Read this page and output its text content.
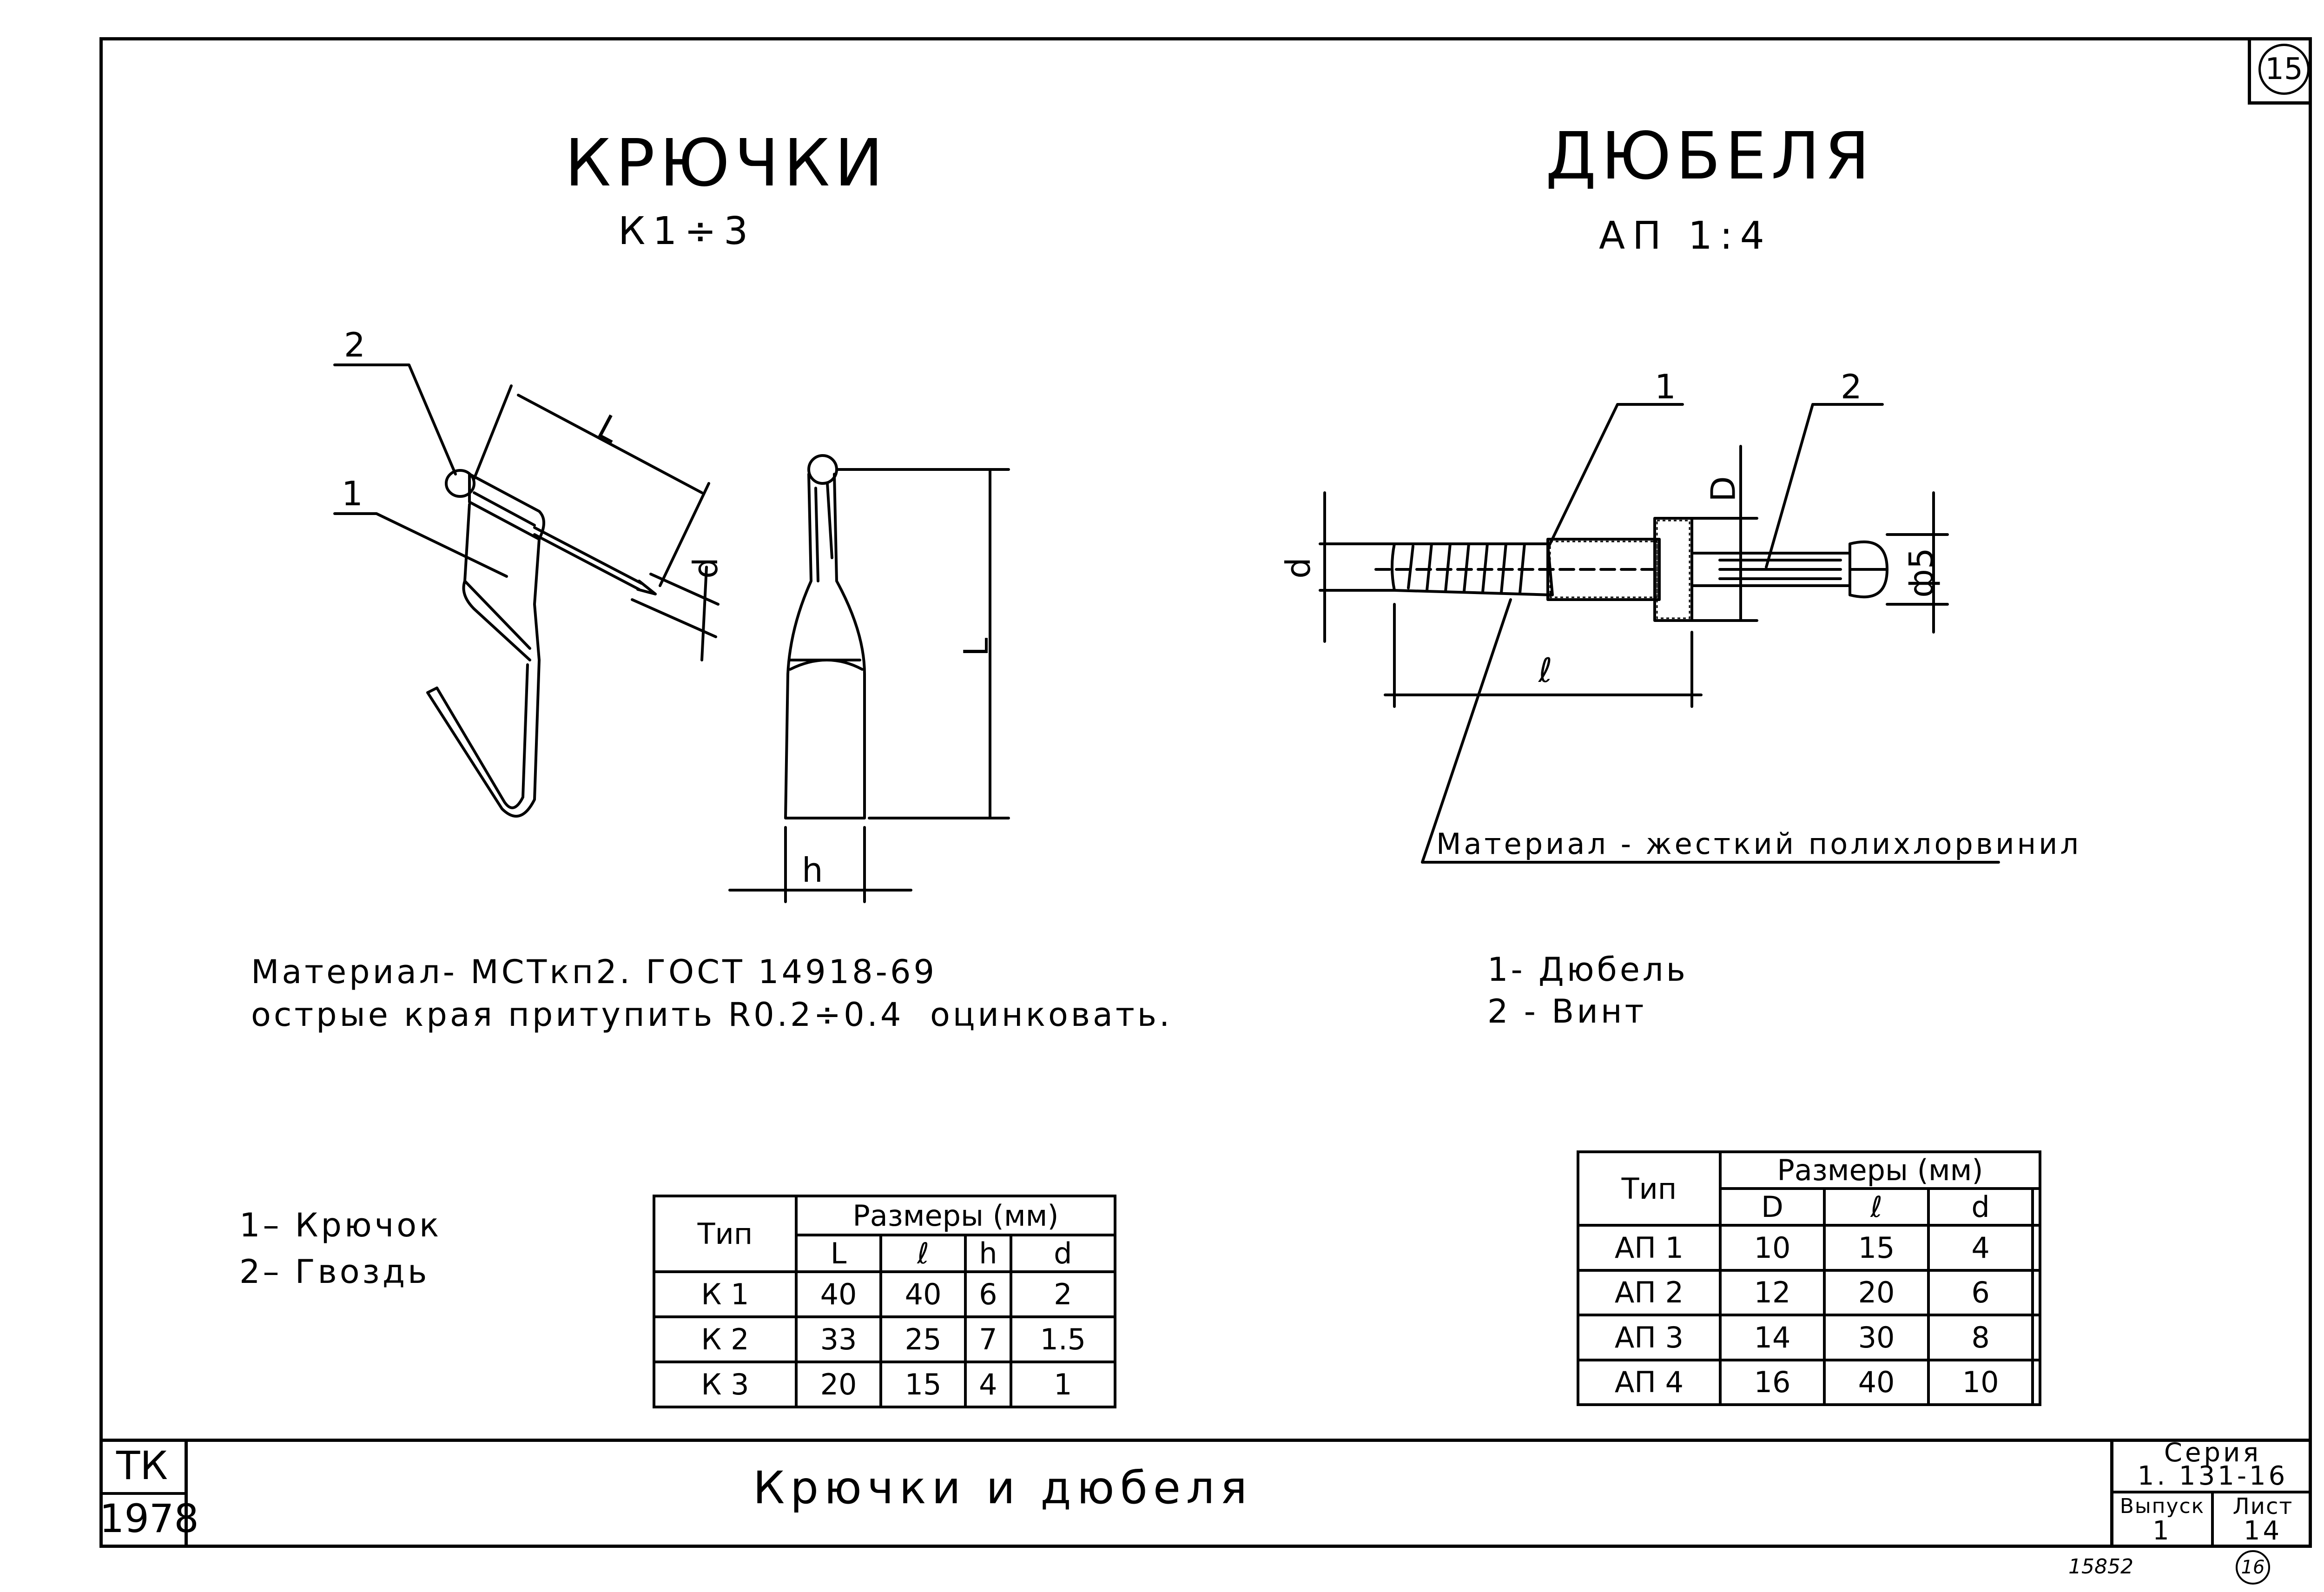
15
КРЮЧКИ
К1÷3
2
1
L
d
L
h
Материал- МСТкп2. ГОСТ 14918-69
острые края притупить R0.2÷0.4  оцинковать.
1– Крючок
2– Гвоздь
Тип	Размеры (мм)			
	L	ℓ	h	d
К 1	40	40	6	2
К 2	33	25	7	1.5
К 3	20	15	4	1
ДЮБЕЛЯ
АП 1:4
1	2
D
d
ℓ
ф5
Материал - жесткий полихлорвинил
1- Дюбель
2 - Винт
Тип	Размеры (мм)			
	D	ℓ	d	
АП 1	10	15	4	
АП 2	12	20	6	
АП 3	14	30	8	
АП 4	16	40	10	
ТК
1978
Крючки и дюбеля
Серия
1. 131-16
Выпуск
1
Лист
14
15852	16
